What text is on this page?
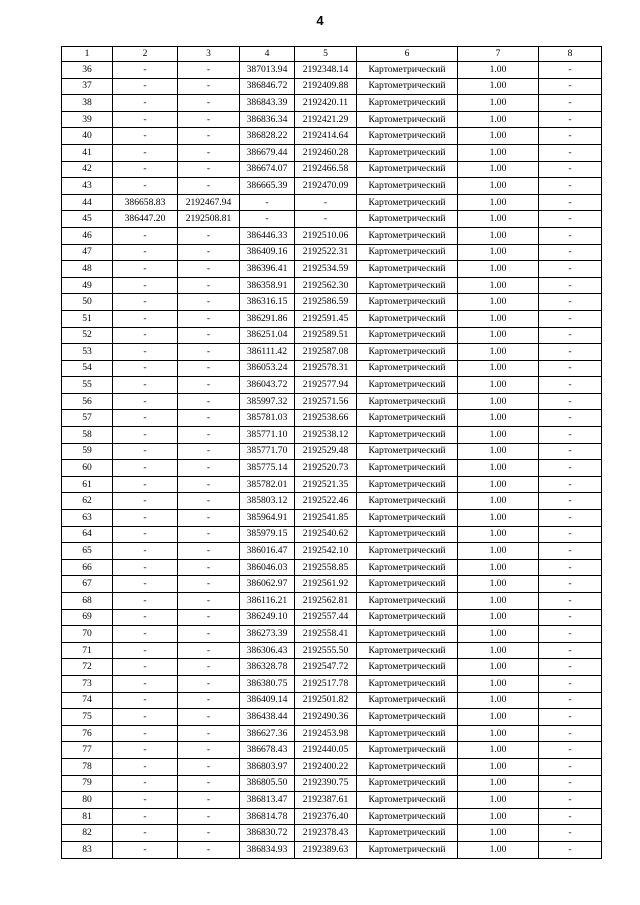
4
1	2	3	4	5	6	7	8
36	-	-	387013.94	2192348.14	Картометрический	1.00	-
37	-	-	386846.72	2192409.88	Картометрический	1.00	-
38	-	-	386843.39	2192420.11	Картометрический	1.00	-
39	-	-	386836.34	2192421.29	Картометрический	1.00	-
40	-	-	386828.22	2192414.64	Картометрический	1.00	-
41	-	-	386679.44	2192460.28	Картометрический	1.00	-
42	-	-	386674.07	2192466.58	Картометрический	1.00	-
43	-	-	386665.39	2192470.09	Картометрический	1.00	-
44	386658.83	2192467.94	-	-	Картометрический	1.00	-
45	386447.20	2192508.81	-	-	Картометрический	1.00	-
46	-	-	386446.33	2192510.06	Картометрический	1.00	-
47	-	-	386409.16	2192522.31	Картометрический	1.00	-
48	-	-	386396.41	2192534.59	Картометрический	1.00	-
49	-	-	386358.91	2192562.30	Картометрический	1.00	-
50	-	-	386316.15	2192586.59	Картометрический	1.00	-
51	-	-	386291.86	2192591.45	Картометрический	1.00	-
52	-	-	386251.04	2192589.51	Картометрический	1.00	-
53	-	-	386111.42	2192587.08	Картометрический	1.00	-
54	-	-	386053.24	2192578.31	Картометрический	1.00	-
55	-	-	386043.72	2192577.94	Картометрический	1.00	-
56	-	-	385997.32	2192571.56	Картометрический	1.00	-
57	-	-	385781.03	2192538.66	Картометрический	1.00	-
58	-	-	385771.10	2192538.12	Картометрический	1.00	-
59	-	-	385771.70	2192529.48	Картометрический	1.00	-
60	-	-	385775.14	2192520.73	Картометрический	1.00	-
61	-	-	385782.01	2192521.35	Картометрический	1.00	-
62	-	-	385803.12	2192522.46	Картометрический	1.00	-
63	-	-	385964.91	2192541.85	Картометрический	1.00	-
64	-	-	385979.15	2192540.62	Картометрический	1.00	-
65	-	-	386016.47	2192542.10	Картометрический	1.00	-
66	-	-	386046.03	2192558.85	Картометрический	1.00	-
67	-	-	386062.97	2192561.92	Картометрический	1.00	-
68	-	-	386116.21	2192562.81	Картометрический	1.00	-
69	-	-	386249.10	2192557.44	Картометрический	1.00	-
70	-	-	386273.39	2192558.41	Картометрический	1.00	-
71	-	-	386306.43	2192555.50	Картометрический	1.00	-
72	-	-	386328.78	2192547.72	Картометрический	1.00	-
73	-	-	386380.75	2192517.78	Картометрический	1.00	-
74	-	-	386409.14	2192501.82	Картометрический	1.00	-
75	-	-	386438.44	2192490.36	Картометрический	1.00	-
76	-	-	386627.36	2192453.98	Картометрический	1.00	-
77	-	-	386678.43	2192440.05	Картометрический	1.00	-
78	-	-	386803.97	2192400.22	Картометрический	1.00	-
79	-	-	386805.50	2192390.75	Картометрический	1.00	-
80	-	-	386813.47	2192387.61	Картометрический	1.00	-
81	-	-	386814.78	2192376.40	Картометрический	1.00	-
82	-	-	386830.72	2192378.43	Картометрический	1.00	-
83	-	-	386834.93	2192389.63	Картометрический	1.00	-
